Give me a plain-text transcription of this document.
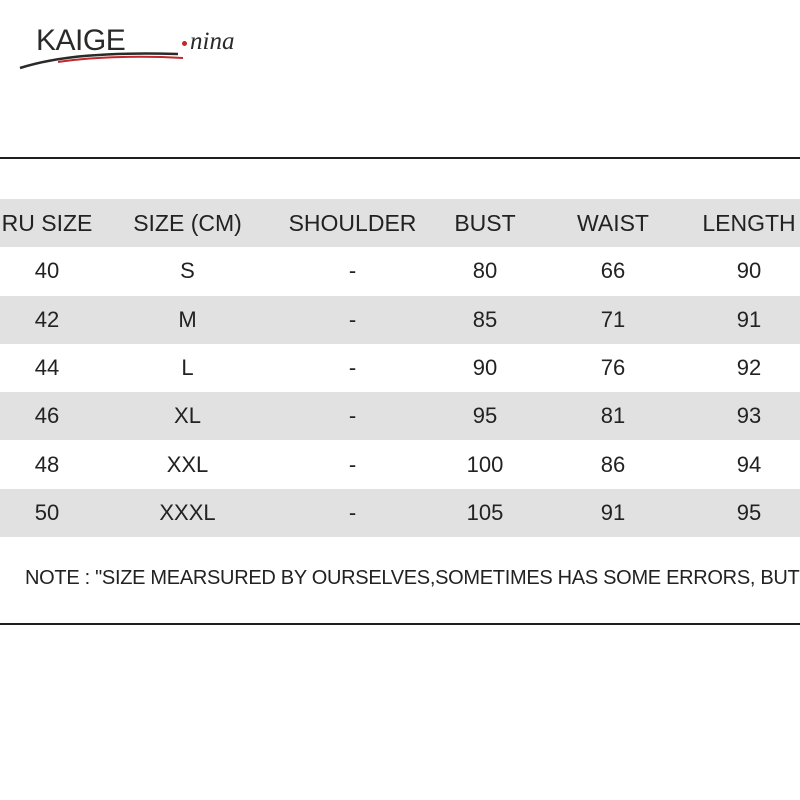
KAIGE	nina
RU SIZE	SIZE (CM)	SHOULDER	BUST	WAIST	LENGTH
40	S	-	80	66	90
42	M	-	85	71	91
44	L	-	90	76	92
46	XL	-	95	81	93
48	XXL	-	100	86	94
50	XXXL	-	105	91	95
NOTE : "SIZE MEARSURED BY OURSELVES,SOMETIMES HAS SOME ERRORS, BUT
